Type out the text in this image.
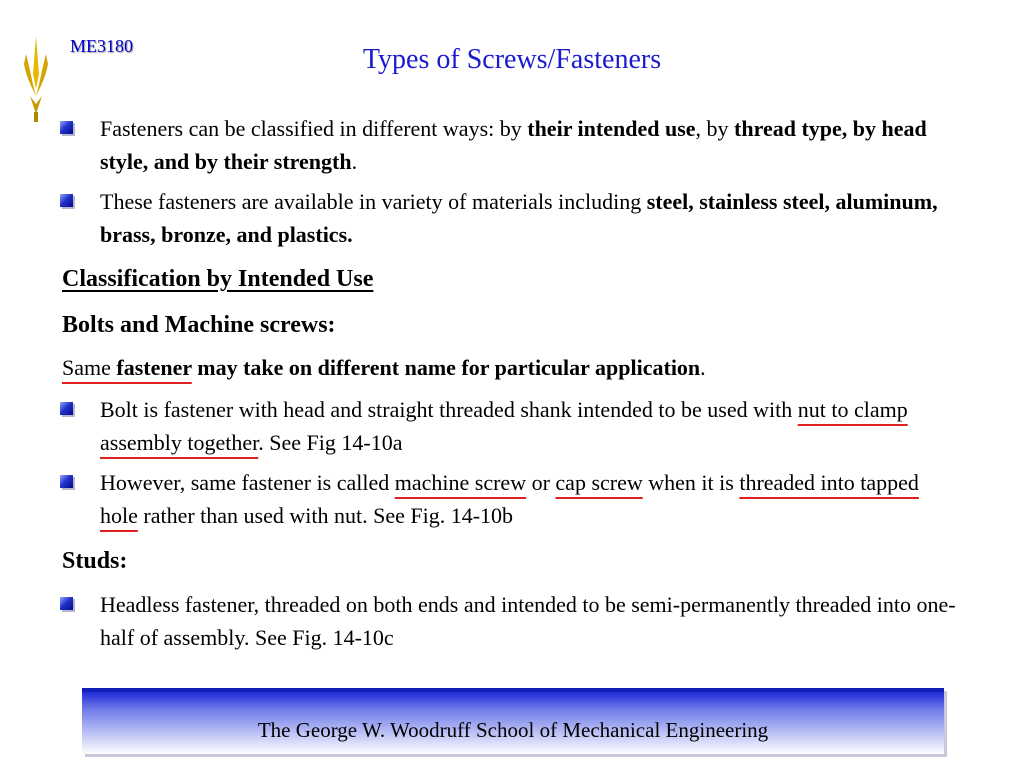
ME3180	Types of Screws/Fasteners
Fasteners can be classified in different ways: by their intended use, by thread type, by head style, and by their strength.
These fasteners are available in variety of materials including steel, stainless steel, aluminum, brass, bronze, and plastics.
Classification by Intended Use
Bolts and Machine screws:
Same fastener may take on different name for particular application.
Bolt is fastener with head and straight threaded shank intended to be used with nut to clamp assembly together. See Fig 14-10a
However, same fastener is called machine screw or cap screw when it is threaded into tapped hole rather than used with nut. See Fig. 14-10b
Studs:
Headless fastener, threaded on both ends and intended to be semi-permanently threaded into one-half of assembly. See Fig. 14-10c
The George W. Woodruff School of Mechanical Engineering
